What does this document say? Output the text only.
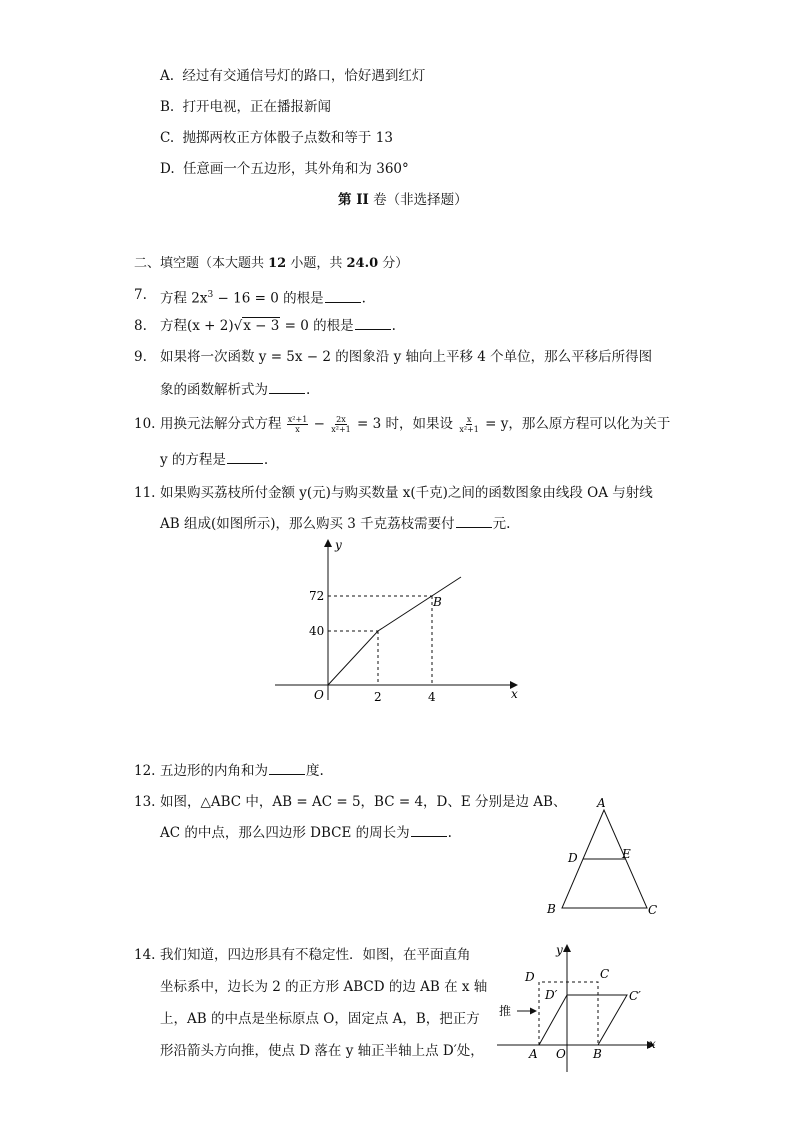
A. 经过有交通信号灯的路口，恰好遇到红灯
B. 打开电视，正在播报新闻
C. 抛掷两枚正方体骰子点数和等于 13
D. 任意画一个五边形，其外角和为 360°
第 II 卷（非选择题）
二、填空题（本大题共 12 小题，共 24.0 分）
7. 方程 $2x^3 - 16 = 0$ 的根是	.
8. 方程(x + 2)√x − 3 = 0 的根是	.
9. 如果将一次函数 y = 5x − 2 的图象沿 y 轴向上平移 4 个单位，那么平移后所得图
象的函数解析式为	.
10. 用换元法解分式方程 $\frac{\text{x²+1}}{x} - \frac{2x}{\text{x²+1}} = 3$ 时，如果设 $\frac{x}{\text{x²+1}} = y$，那么原方程可以化为关于
y 的方程是	.
11. 如果购买荔枝所付金额 y(元)与购买数量 x(千克)之间的函数图象由线段 OA 与射线
AB 组成(如图所示)，那么购买 3 千克荔枝需要付	元.
y
x
O
72
40
2	4
B
12. 五边形的内角和为	度.
13. 如图，△ABC 中，AB = AC = 5，BC = 4，D、E 分别是边 AB、
AC 的中点，那么四边形 DBCE 的周长为	.
A
D	E
B	C
14. 我们知道，四边形具有不稳定性．如图，在平面直角
坐标系中，边长为 2 的正方形 ABCD 的边 AB 在 x 轴
上，AB 的中点是坐标原点 O，固定点 A，B，把正方
形沿箭头方向推，使点 D 落在 y 轴正半轴上点 D′处，
y
x
推
D	C
D′	C′
A O B
